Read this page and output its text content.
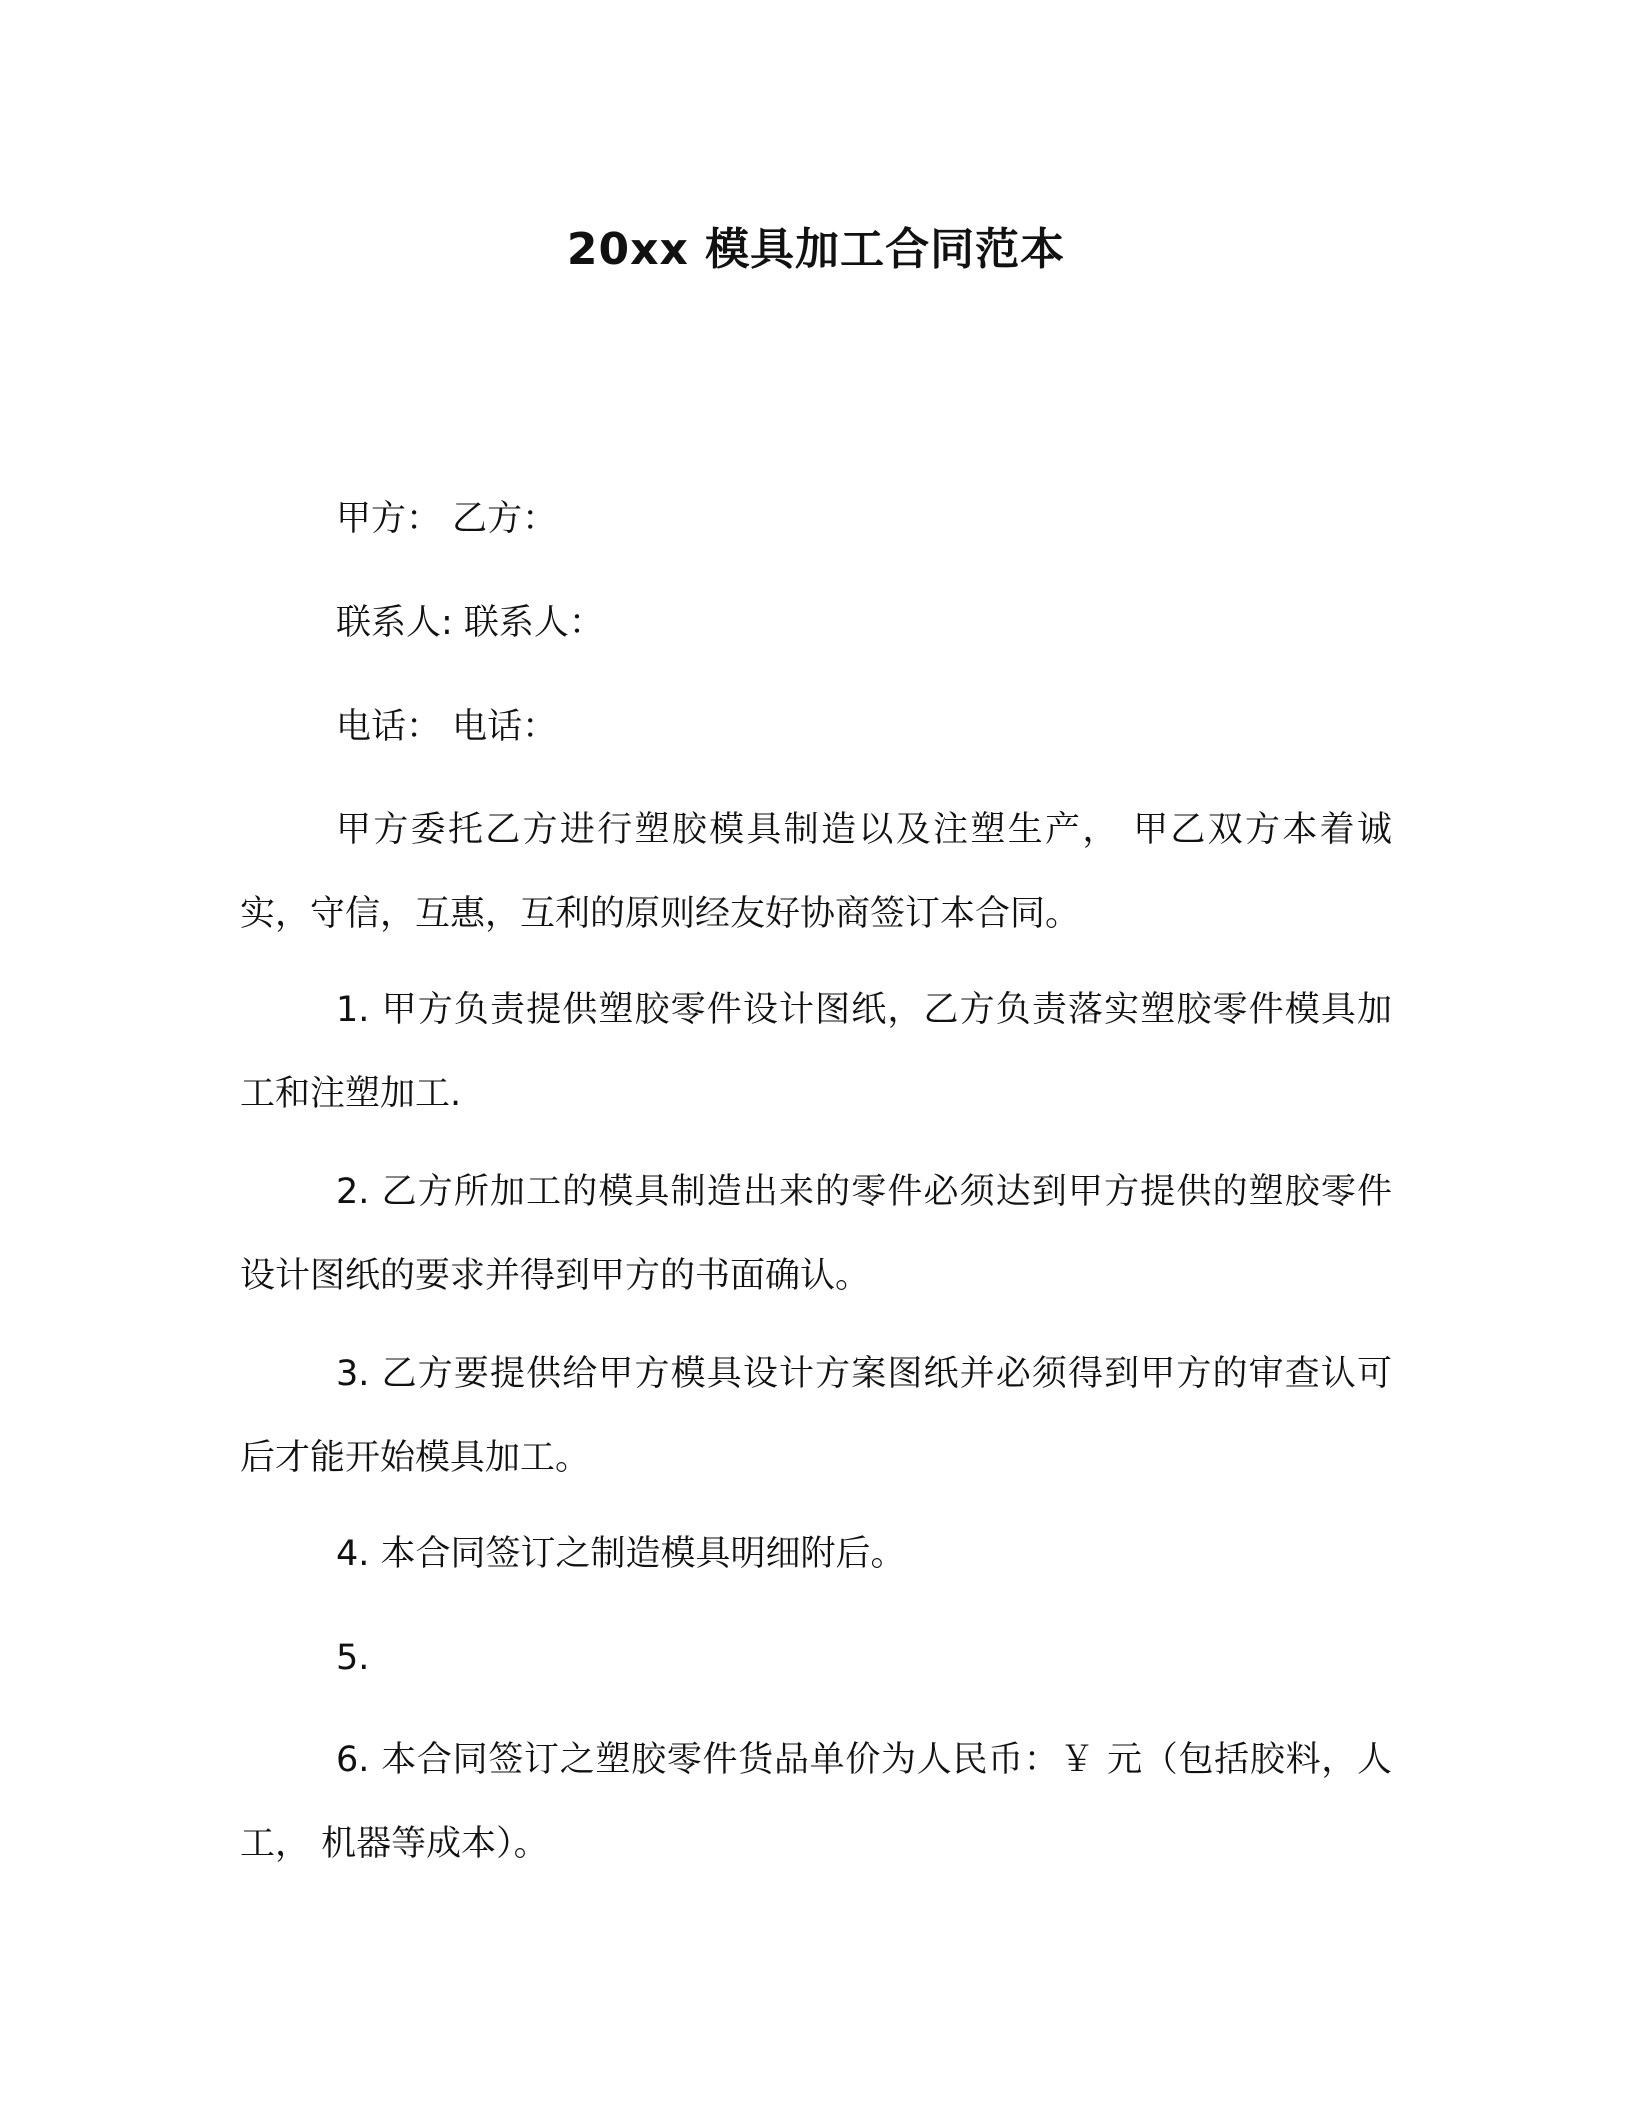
20xx 模具加工合同范本
甲方： 乙方：
联系人: 联系人：
电话： 电话：

甲方委托乙方进行塑胶模具制造以及注塑生产， 甲乙双方本着诚实，守信，互惠，互利的原则经友好协商签订本合同。

1. 甲方负责提供塑胶零件设计图纸，乙方负责落实塑胶零件模具加工和注塑加工.

2. 乙方所加工的模具制造出来的零件必须达到甲方提供的塑胶零件设计图纸的要求并得到甲方的书面确认。

3. 乙方要提供给甲方模具设计方案图纸并必须得到甲方的审查认可后才能开始模具加工。

4. 本合同签订之制造模具明细附后。

5.

6. 本合同签订之塑胶零件货品单价为人民币：￥ 元（包括胶料，人工， 机器等成本）。
